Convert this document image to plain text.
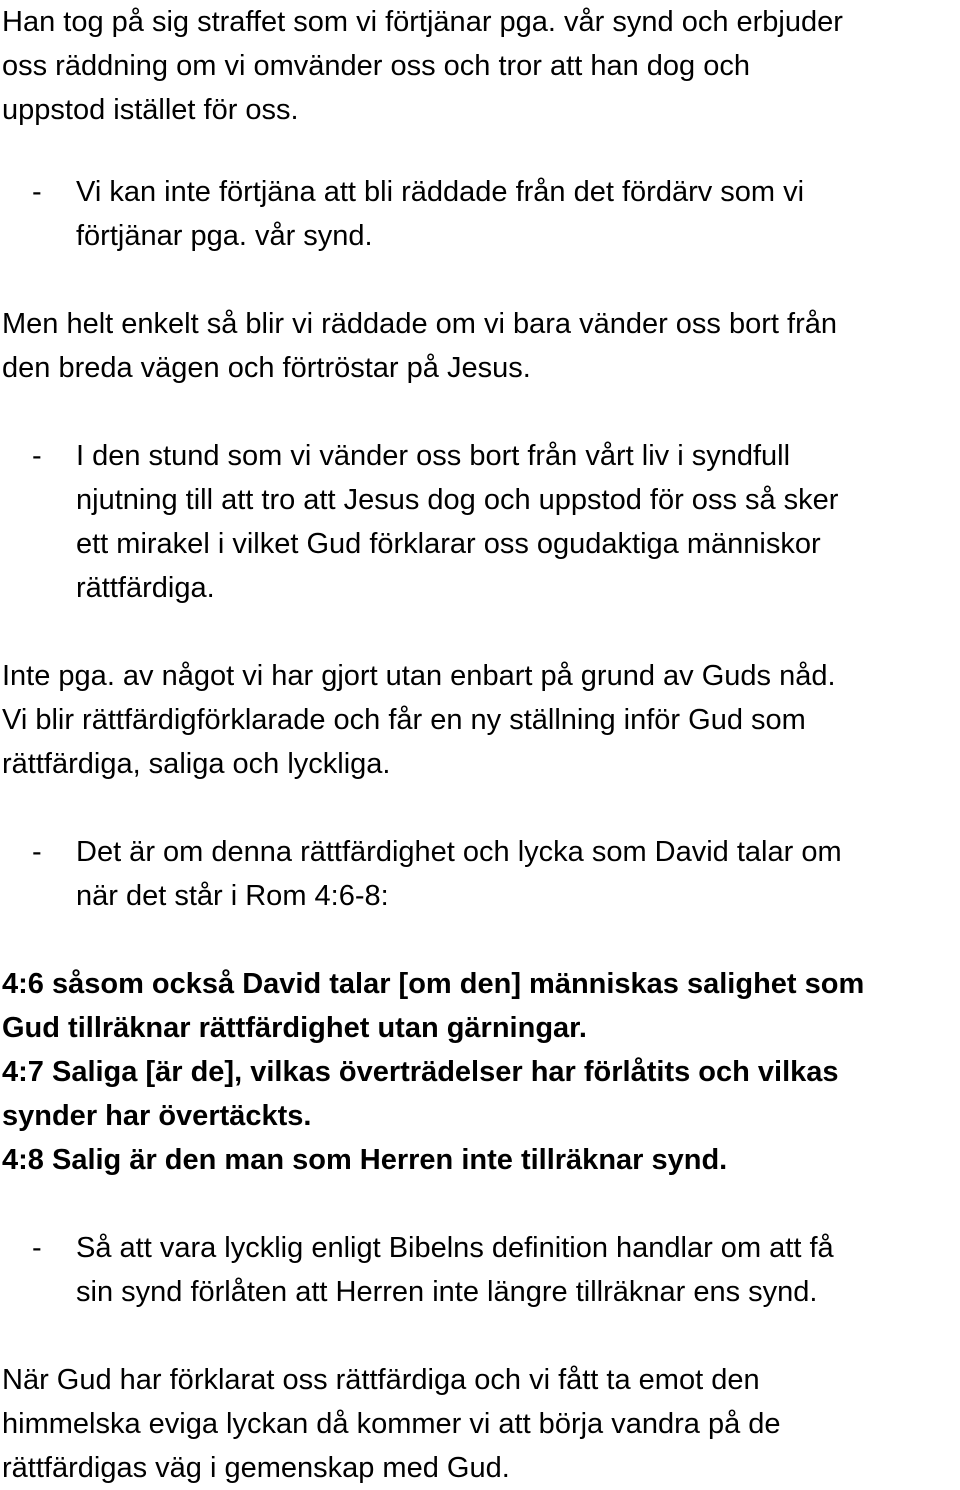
Han tog på sig straffet som vi förtjänar pga. vår synd och erbjuder
oss räddning om vi omvänder oss och tror att han dog och
uppstod istället för oss.
-	Vi kan inte förtjäna att bli räddade från det fördärv som vi
förtjänar pga. vår synd.
Men helt enkelt så blir vi räddade om vi bara vänder oss bort från
den breda vägen och förtröstar på Jesus.
-	I den stund som vi vänder oss bort från vårt liv i syndfull
njutning till att tro att Jesus dog och uppstod för oss så sker
ett mirakel i vilket Gud förklarar oss ogudaktiga människor
rättfärdiga.
Inte pga. av något vi har gjort utan enbart på grund av Guds nåd.
Vi blir rättfärdigförklarade och får en ny ställning inför Gud som
rättfärdiga, saliga och lyckliga.
-	Det är om denna rättfärdighet och lycka som David talar om
när det står i Rom 4:6-8:
4:6 såsom också David talar [om den] människas salighet som
Gud tillräknar rättfärdighet utan gärningar.
4:7 Saliga [är de], vilkas överträdelser har förlåtits och vilkas
synder har övertäckts.
4:8 Salig är den man som Herren inte tillräknar synd.
-	Så att vara lycklig enligt Bibelns definition handlar om att få
sin synd förlåten att Herren inte längre tillräknar ens synd.
När Gud har förklarat oss rättfärdiga och vi fått ta emot den
himmelska eviga lyckan då kommer vi att börja vandra på de
rättfärdigas väg i gemenskap med Gud.
